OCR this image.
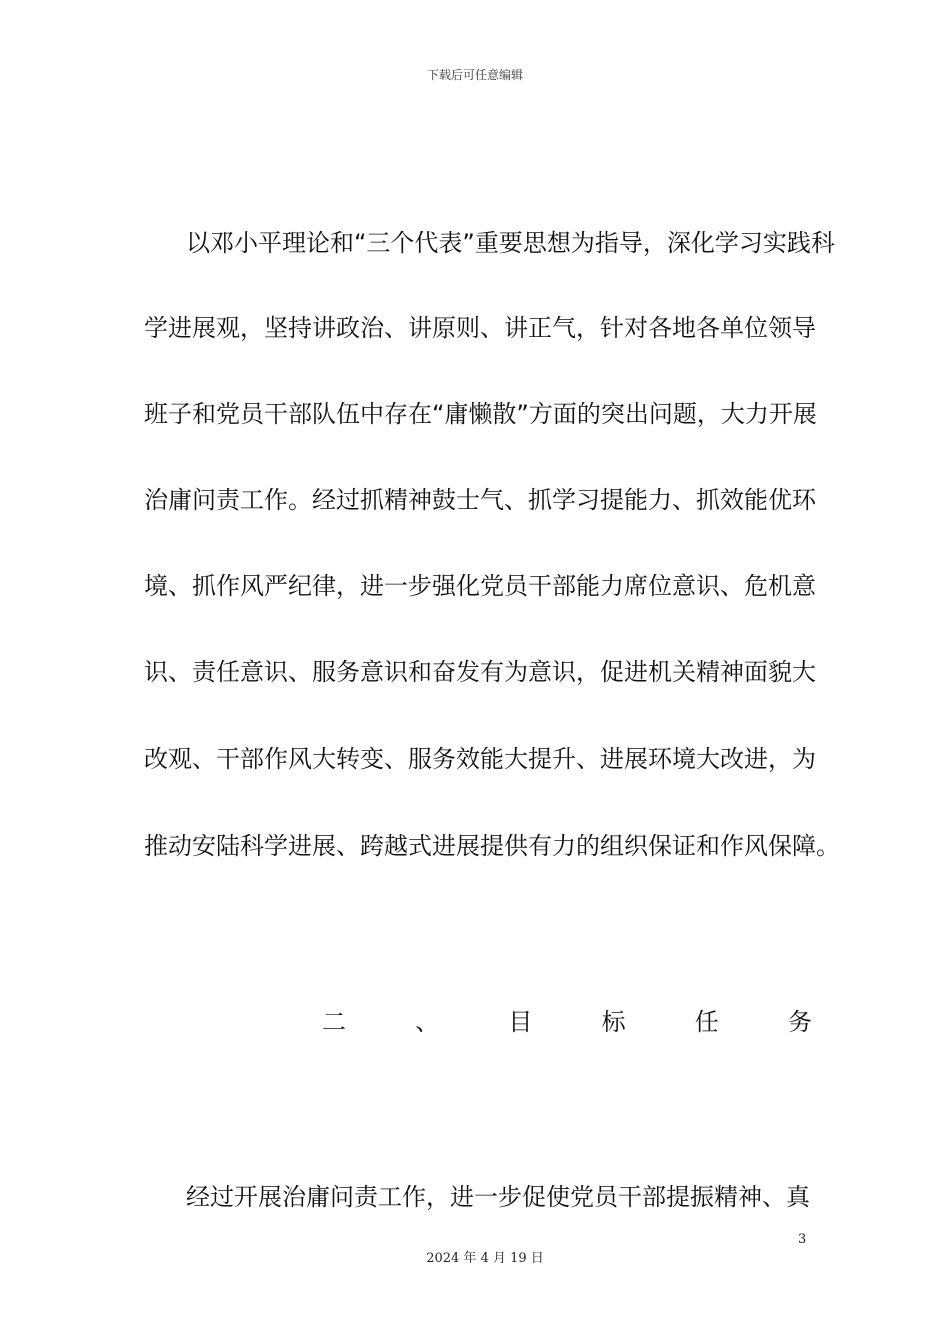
下载后可任意编辑
以邓小平理论和“三个代表”重要思想为指导，深化学习实践科
学进展观，坚持讲政治、讲原则、讲正气，针对各地各单位领导
班子和党员干部队伍中存在“庸懒散”方面的突出问题，大力开展
治庸问责工作。经过抓精神鼓士气、抓学习提能力、抓效能优环
境、抓作风严纪律，进一步强化党员干部能力席位意识、危机意
识、责任意识、服务意识和奋发有为意识，促进机关精神面貌大
改观、干部作风大转变、服务效能大提升、进展环境大改进，为
推动安陆科学进展、跨越式进展提供有力的组织保证和作风保障。
二	、	目	标	任	务
经过开展治庸问责工作，进一步促使党员干部提振精神、真
3
2024 年 4 月 19 日
